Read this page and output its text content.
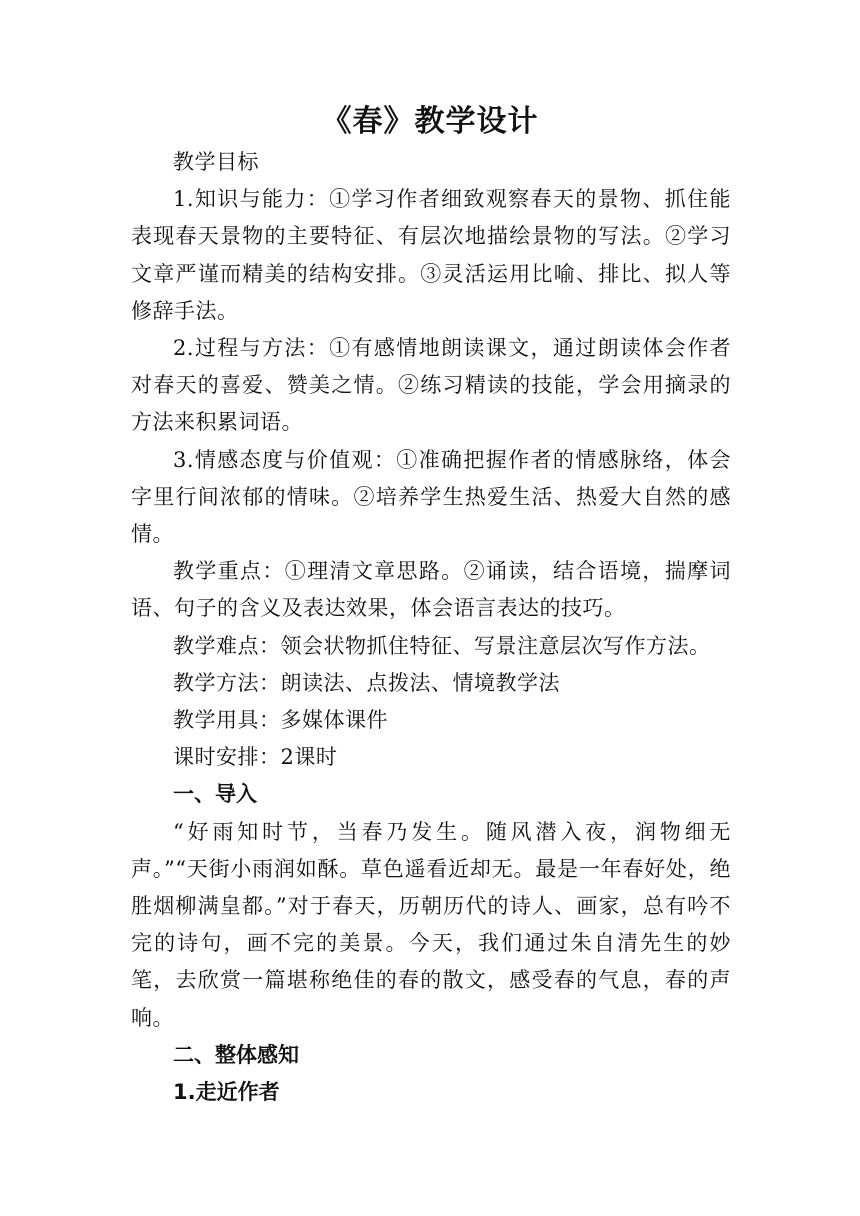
《春》教学设计

教学目标

1.知识与能力：①学习作者细致观察春天的景物、抓住能表现春天景物的主要特征、有层次地描绘景物的写法。②学习文章严谨而精美的结构安排。③灵活运用比喻、排比、拟人等修辞手法。

2.过程与方法：①有感情地朗读课文，通过朗读体会作者对春天的喜爱、赞美之情。②练习精读的技能，学会用摘录的方法来积累词语。

3.情感态度与价值观：①准确把握作者的情感脉络，体会字里行间浓郁的情味。②培养学生热爱生活、热爱大自然的感情。

教学重点：①理清文章思路。②诵读，结合语境，揣摩词语、句子的含义及表达效果，体会语言表达的技巧。

教学难点：领会状物抓住特征、写景注意层次写作方法。

教学方法：朗读法、点拨法、情境教学法

教学用具：多媒体课件

课时安排：2课时

一、导入

“好雨知时节，当春乃发生。随风潜入夜，润物细无声。”“天街小雨润如酥。草色遥看近却无。最是一年春好处，绝胜烟柳满皇都。”对于春天，历朝历代的诗人、画家，总有吟不完的诗句，画不完的美景。今天，我们通过朱自清先生的妙笔，去欣赏一篇堪称绝佳的春的散文，感受春的气息，春的声响。

二、整体感知

1.走近作者
